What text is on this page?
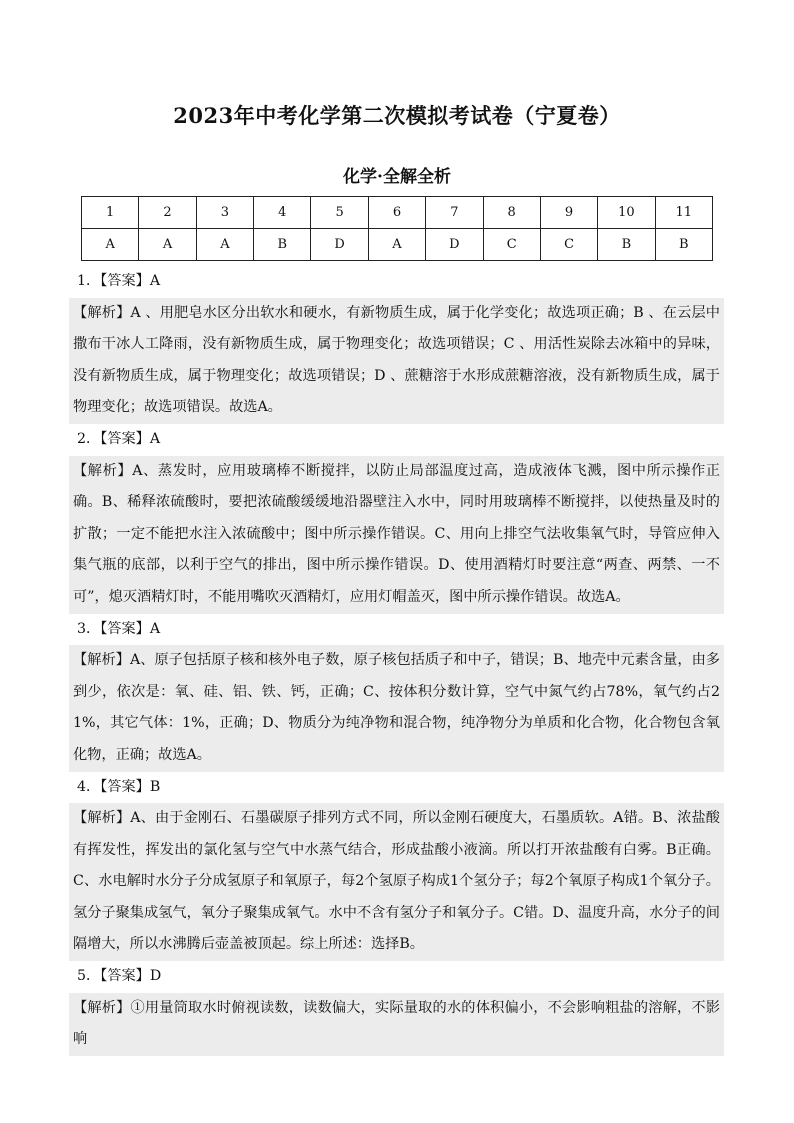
2023年中考化学第二次模拟考试卷（宁夏卷）
化学·全解全析
1	2	3	4	5	6	7	8	9	10	11
A	A	A	B	D	A	D	C	C	B	B
1．【答案】A
【解析】A 、用肥皂水区分出软水和硬水，有新物质生成，属于化学变化；故选项正确；B 、在云层中撒布干冰人工降雨，没有新物质生成，属于物理变化；故选项错误；C 、用活性炭除去冰箱中的异味，没有新物质生成，属于物理变化；故选项错误；D 、蔗糖溶于水形成蔗糖溶液，没有新物质生成，属于物理变化；故选项错误。故选A。
2．【答案】A
【解析】A、蒸发时，应用玻璃棒不断搅拌，以防止局部温度过高，造成液体飞溅，图中所示操作正确。B、稀释浓硫酸时，要把浓硫酸缓缓地沿器壁注入水中，同时用玻璃棒不断搅拌，以使热量及时的扩散；一定不能把水注入浓硫酸中；图中所示操作错误。C、用向上排空气法收集氧气时，导管应伸入集气瓶的底部，以利于空气的排出，图中所示操作错误。D、使用酒精灯时要注意“两查、两禁、一不可”，熄灭酒精灯时，不能用嘴吹灭酒精灯，应用灯帽盖灭，图中所示操作错误。故选A。
3．【答案】A
【解析】A、原子包括原子核和核外电子数，原子核包括质子和中子，错误；B、地壳中元素含量，由多到少，依次是：氧、硅、铝、铁、钙，正确；C、按体积分数计算，空气中氮气约占78%，氧气约占21%，其它气体：1%，正确；D、物质分为纯净物和混合物，纯净物分为单质和化合物，化合物包含氧化物，正确；故选A。
4．【答案】B
【解析】A、由于金刚石、石墨碳原子排列方式不同，所以金刚石硬度大，石墨质软。A错。B、浓盐酸有挥发性，挥发出的氯化氢与空气中水蒸气结合，形成盐酸小液滴。所以打开浓盐酸有白雾。B正确。C、水电解时水分子分成氢原子和氧原子，每2个氢原子构成1个氢分子；每2个氧原子构成1个氧分子。氢分子聚集成氢气，氧分子聚集成氧气。水中不含有氢分子和氧分子。C错。D、温度升高，水分子的间隔增大，所以水沸腾后壶盖被顶起。综上所述：选择B。
5．【答案】D
【解析】①用量筒取水时俯视读数，读数偏大，实际量取的水的体积偏小，不会影响粗盐的溶解，不影响
